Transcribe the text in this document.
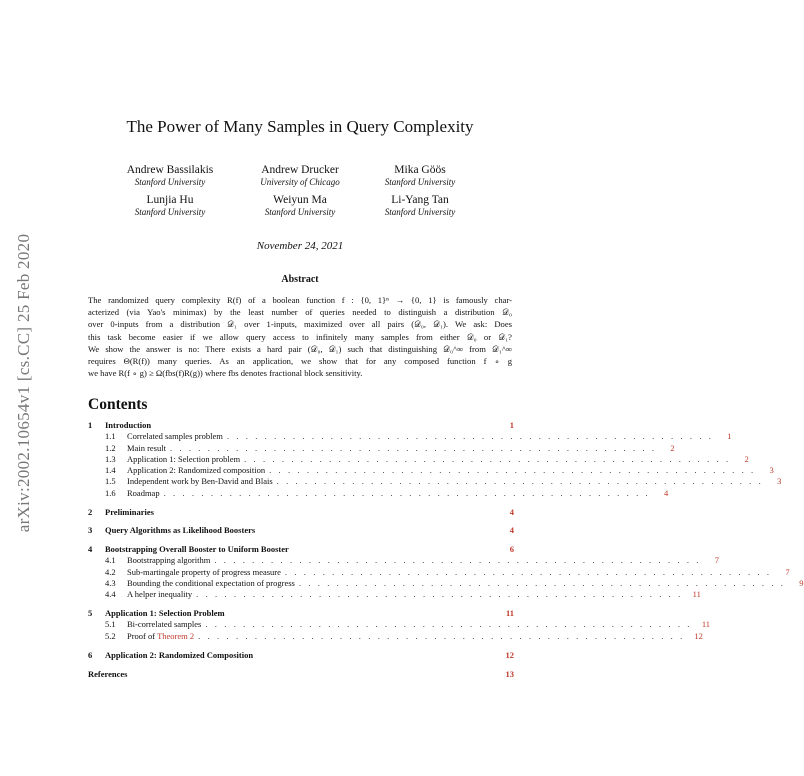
arXiv:2002.10654v1 [cs.CC] 25 Feb 2020
The Power of Many Samples in Query Complexity
Andrew Bassilakis
Stanford University
Andrew Drucker
University of Chicago
Mika Göös
Stanford University
Lunjia Hu
Stanford University
Weiyun Ma
Stanford University
Li-Yang Tan
Stanford University
November 24, 2021
Abstract
The randomized query complexity R(f) of a boolean function f : {0, 1}ⁿ → {0, 1} is famously char-
acterized (via Yao's minimax) by the least number of queries needed to distinguish a distribution 𝒟₀
over 0-inputs from a distribution 𝒟₁ over 1-inputs, maximized over all pairs (𝒟₀, 𝒟₁). We ask: Does
this task become easier if we allow query access to infinitely many samples from either 𝒟₀ or 𝒟₁?
We show the answer is no: There exists a hard pair (𝒟₀, 𝒟₁) such that distinguishing 𝒟₀^∞ from 𝒟₁^∞
requires Θ(R(f)) many queries. As an application, we show that for any composed function f ∘ g
we have R(f ∘ g) ≥ Ω(fbs(f)R(g)) where fbs denotes fractional block sensitivity.
Contents
1	Introduction	1
1.1	Correlated samples problem . . . . . . . . . . . . . . . . . . . . . . . . . . . . . . . . . . . . . . . . . . . . . . . . . . . .	1
1.2	Main result . . . . . . . . . . . . . . . . . . . . . . . . . . . . . . . . . . . . . . . . . . . . . . . . . . . .	2
1.3	Application 1: Selection problem . . . . . . . . . . . . . . . . . . . . . . . . . . . . . . . . . . . . . . . . . . . . . . . . . . . .	2
1.4	Application 2: Randomized composition . . . . . . . . . . . . . . . . . . . . . . . . . . . . . . . . . . . . . . . . . . . . . . . . . . . .	3
1.5	Independent work by Ben-David and Blais . . . . . . . . . . . . . . . . . . . . . . . . . . . . . . . . . . . . . . . . . . . . . . . . . . . .	3
1.6	Roadmap . . . . . . . . . . . . . . . . . . . . . . . . . . . . . . . . . . . . . . . . . . . . . . . . . . . .	4
2	Preliminaries	4
3	Query Algorithms as Likelihood Boosters	4
4	Bootstrapping Overall Booster to Uniform Booster	6
4.1	Bootstrapping algorithm . . . . . . . . . . . . . . . . . . . . . . . . . . . . . . . . . . . . . . . . . . . . . . . . . . . .	7
4.2	Sub-martingale property of progress measure . . . . . . . . . . . . . . . . . . . . . . . . . . . . . . . . . . . . . . . . . . . . . . . . . . . .	7
4.3	Bounding the conditional expectation of progress . . . . . . . . . . . . . . . . . . . . . . . . . . . . . . . . . . . . . . . . . . . . . . . . . . . .	9
4.4	A helper inequality . . . . . . . . . . . . . . . . . . . . . . . . . . . . . . . . . . . . . . . . . . . . . . . . . . . .	11
5	Application 1: Selection Problem	11
5.1	Bi-correlated samples . . . . . . . . . . . . . . . . . . . . . . . . . . . . . . . . . . . . . . . . . . . . . . . . . . . .	11
5.2	Proof of Theorem 2 . . . . . . . . . . . . . . . . . . . . . . . . . . . . . . . . . . . . . . . . . . . . . . . . . . . .	12
6	Application 2: Randomized Composition	12
References	13
